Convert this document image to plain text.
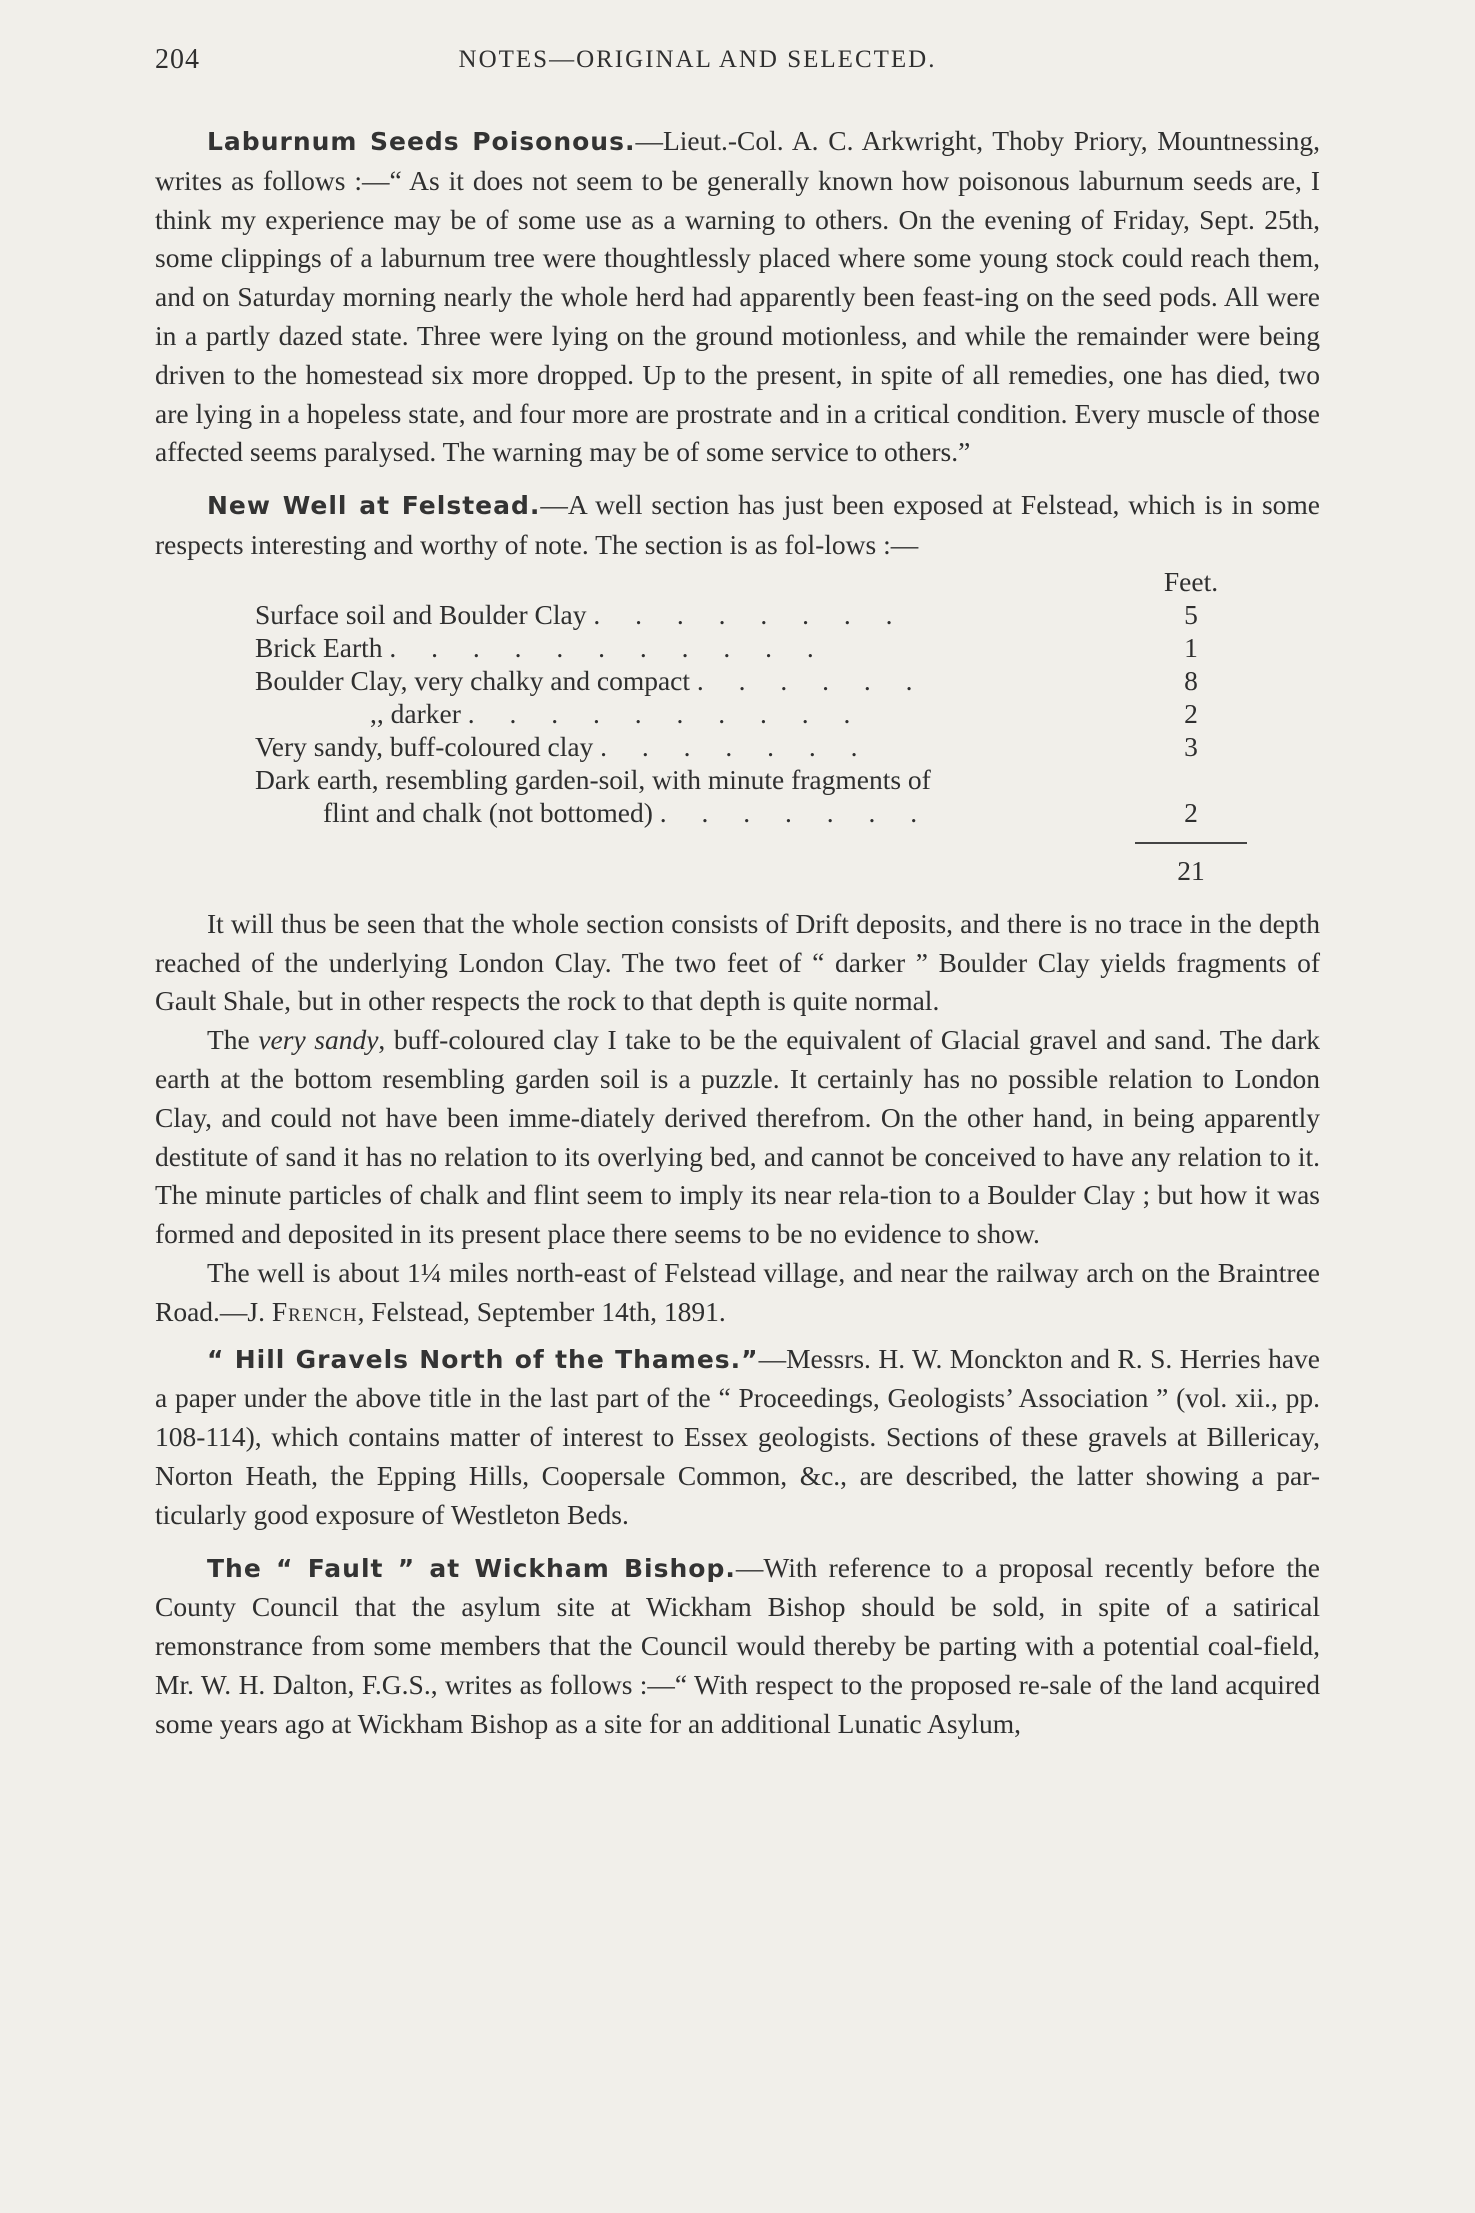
204	NOTES—ORIGINAL AND SELECTED.

Laburnum Seeds Poisonous.—Lieut.-Col. A. C. Arkwright, Thoby Priory, Mountnessing, writes as follows :—“ As it does not seem to be generally known how poisonous laburnum seeds are, I think my experience may be of some use as a warning to others. On the evening of Friday, Sept. 25th, some clippings of a laburnum tree were thoughtlessly placed where some young stock could reach them, and on Saturday morning nearly the whole herd had apparently been feast-ing on the seed pods. All were in a partly dazed state. Three were lying on the ground motionless, and while the remainder were being driven to the homestead six more dropped. Up to the present, in spite of all remedies, one has died, two are lying in a hopeless state, and four more are prostrate and in a critical condition. Every muscle of those affected seems paralysed. The warning may be of some service to others.”

New Well at Felstead.—A well section has just been exposed at Felstead, which is in some respects interesting and worthy of note. The section is as fol-lows :—

	Feet.
Surface soil and Boulder Clay . . . . . . . .	5
Brick Earth . . . . . . . . . . .	1
Boulder Clay, very chalky and compact . . . . . .	8
,, darker . . . . . . . . . .	2
Very sandy, buff-coloured clay . . . . . . .	3
Dark earth, resembling garden-soil, with minute fragments of	
flint and chalk (not bottomed) . . . . . . .	2

	21

It will thus be seen that the whole section consists of Drift deposits, and there is no trace in the depth reached of the underlying London Clay. The two feet of “ darker ” Boulder Clay yields fragments of Gault Shale, but in other respects the rock to that depth is quite normal.

The very sandy, buff-coloured clay I take to be the equivalent of Glacial gravel and sand. The dark earth at the bottom resembling garden soil is a puzzle. It certainly has no possible relation to London Clay, and could not have been imme-diately derived therefrom. On the other hand, in being apparently destitute of sand it has no relation to its overlying bed, and cannot be conceived to have any relation to it. The minute particles of chalk and flint seem to imply its near rela-tion to a Boulder Clay ; but how it was formed and deposited in its present place there seems to be no evidence to show.

The well is about 1¼ miles north-east of Felstead village, and near the railway arch on the Braintree Road.—J. French, Felstead, September 14th, 1891.

“ Hill Gravels North of the Thames.”—Messrs. H. W. Monckton and R. S. Herries have a paper under the above title in the last part of the “ Proceedings, Geologists’ Association ” (vol. xii., pp. 108-114), which contains matter of interest to Essex geologists. Sections of these gravels at Billericay, Norton Heath, the Epping Hills, Coopersale Common, &c., are described, the latter showing a par-ticularly good exposure of Westleton Beds.

The “ Fault ” at Wickham Bishop.—With reference to a proposal recently before the County Council that the asylum site at Wickham Bishop should be sold, in spite of a satirical remonstrance from some members that the Council would thereby be parting with a potential coal-field, Mr. W. H. Dalton, F.G.S., writes as follows :—“ With respect to the proposed re-sale of the land acquired some years ago at Wickham Bishop as a site for an additional Lunatic Asylum,
